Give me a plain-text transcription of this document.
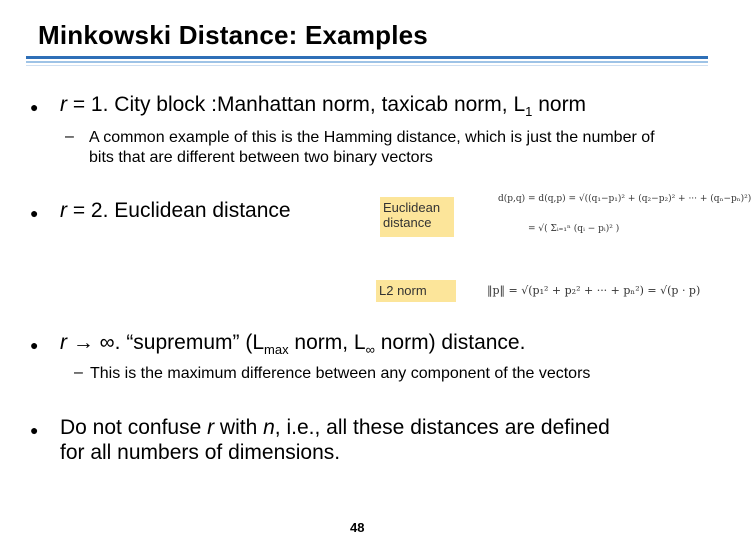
Minkowski Distance: Examples
● r = 1. City block :Manhattan norm, taxicab norm, $L_1$ norm
– A common example of this is the Hamming distance, which is just the number of bits that are different between two binary vectors
● r = 2. Euclidean distance	Euclidean distance
d(p,q) = d(q,p) = √((q₁−p₁)² + (q₂−p₂)² + ··· + (qₙ−pₙ)²)
= √( Σᵢ₌₁ⁿ (qᵢ − pᵢ)² )
L2 norm	‖p‖ = √(p₁² + p₂² + ··· + pₙ²) = √(p · p)
● r → ∞. “supremum” ($L_{max}$ norm, $L_\infty$ norm) distance.
– This is the maximum difference between any component of the vectors
● Do not confuse r with n, i.e., all these distances are defined for all numbers of dimensions.
48
